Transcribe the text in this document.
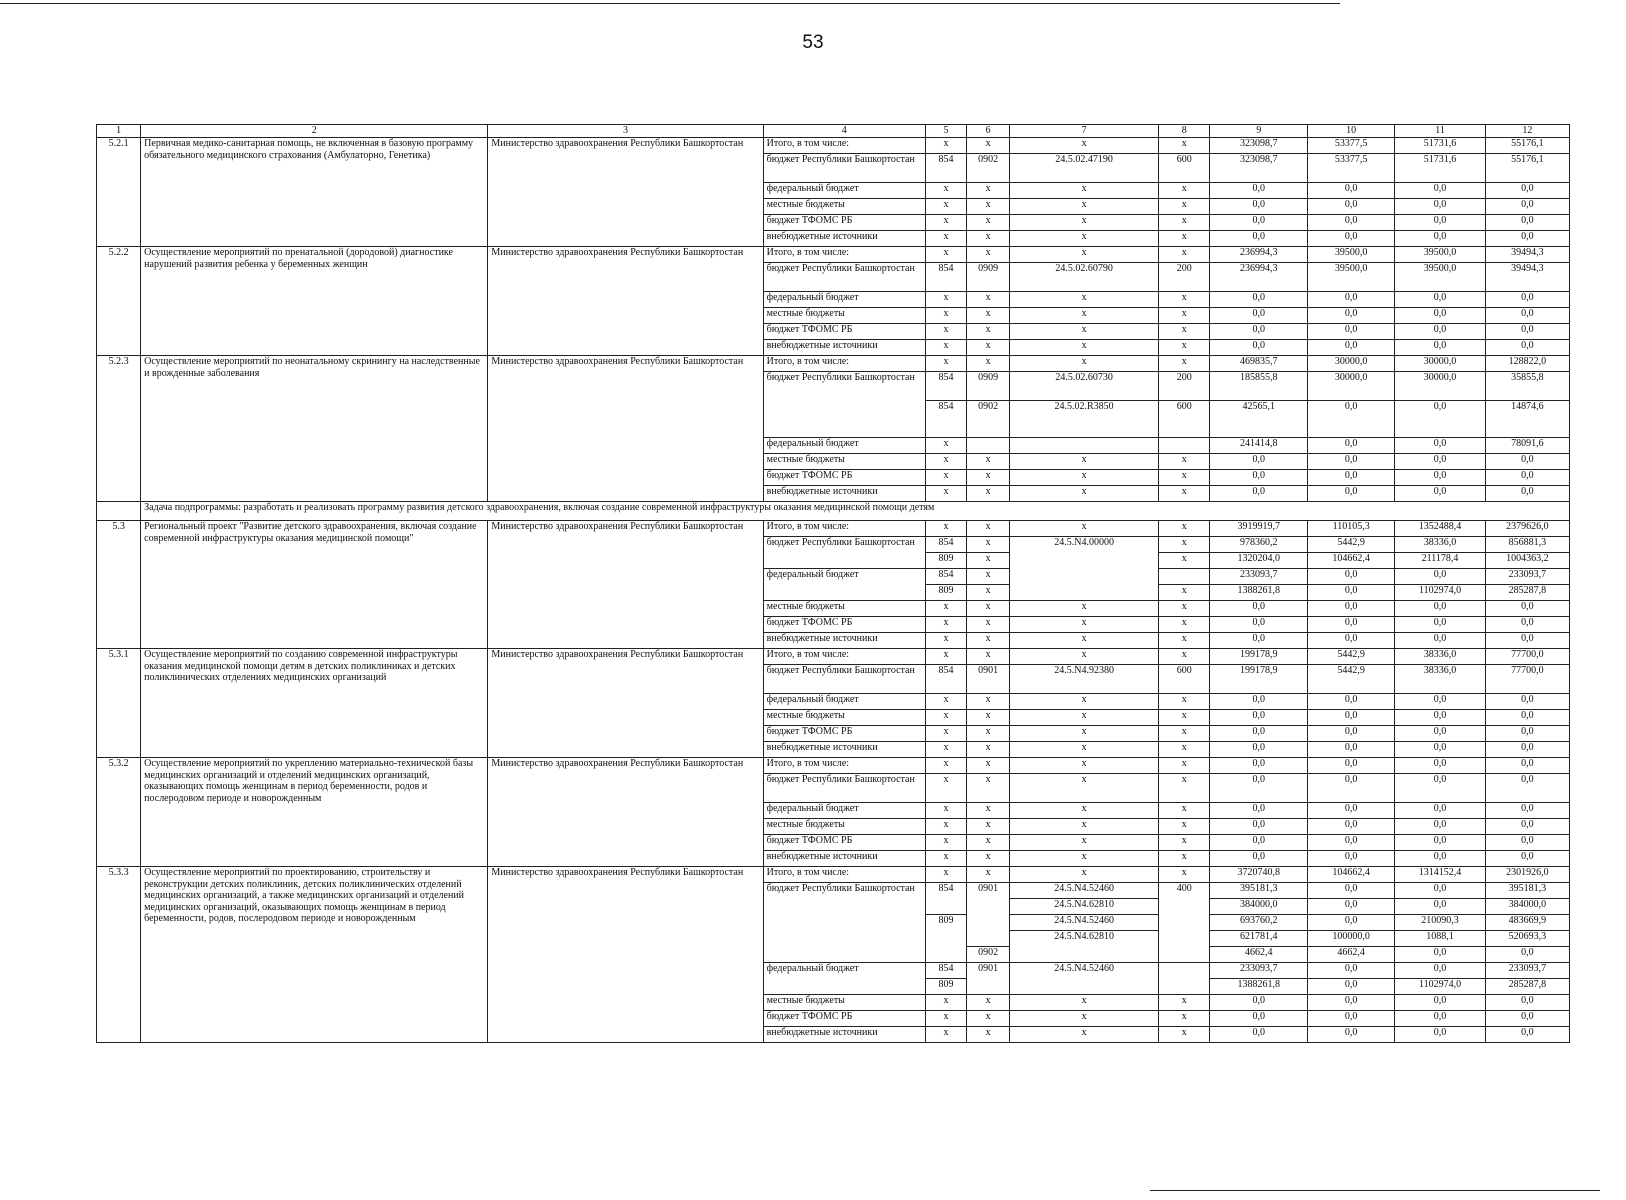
53
1	2	3	4	5	6	7	8	9	10	11	12
5.2.1	Первичная медико-санитарная помощь, не включенная в базовую программу обязательного медицинского страхования (Амбулаторно, Генетика)	Министерство здравоохранения Республики Башкортостан	Итого, в том числе:	x	x	x	x	323098,7	53377,5	51731,6	55176,1
			бюджет Республики Башкортостан	854	0902	24.5.02.47190	600	323098,7	53377,5	51731,6	55176,1
			федеральный бюджет	x	x	x	x	0,0	0,0	0,0	0,0
			местные бюджеты	x	x	x	x	0,0	0,0	0,0	0,0
			бюджет ТФОМС РБ	x	x	x	x	0,0	0,0	0,0	0,0
			внебюджетные источники	x	x	x	x	0,0	0,0	0,0	0,0
5.2.2	Осуществление мероприятий по пренатальной (дородовой) диагностике нарушений развития ребенка у беременных женщин	Министерство здравоохранения Республики Башкортостан	Итого, в том числе:	x	x	x	x	236994,3	39500,0	39500,0	39494,3
			бюджет Республики Башкортостан	854	0909	24.5.02.60790	200	236994,3	39500,0	39500,0	39494,3
			федеральный бюджет	x	x	x	x	0,0	0,0	0,0	0,0
			местные бюджеты	x	x	x	x	0,0	0,0	0,0	0,0
			бюджет ТФОМС РБ	x	x	x	x	0,0	0,0	0,0	0,0
			внебюджетные источники	x	x	x	x	0,0	0,0	0,0	0,0
5.2.3	Осуществление мероприятий по неонатальному скринингу на наследственные и врожденные заболевания	Министерство здравоохранения Республики Башкортостан	Итого, в том числе:	x	x	x	x	469835,7	30000,0	30000,0	128822,0
			бюджет Республики Башкортостан	854	0909	24.5.02.60730	200	185855,8	30000,0	30000,0	35855,8
				854	0902	24.5.02.R3850	600	42565,1	0,0	0,0	14874,6
			федеральный бюджет	x				241414,8	0,0	0,0	78091,6
			местные бюджеты	x	x	x	x	0,0	0,0	0,0	0,0
			бюджет ТФОМС РБ	x	x	x	x	0,0	0,0	0,0	0,0
			внебюджетные источники	x	x	x	x	0,0	0,0	0,0	0,0
	Задача подпрограммы: разработать и реализовать программу развития детского здравоохранения, включая создание современной инфраструктуры оказания медицинской помощи детям										
5.3	Региональный проект "Развитие детского здравоохранения, включая создание современной инфраструктуры оказания медицинской помощи"	Министерство здравоохранения Республики Башкортостан	Итого, в том числе:	x	x	x	x	3919919,7	110105,3	1352488,4	2379626,0
			бюджет Республики Башкортостан	854	x	24.5.N4.00000	x	978360,2	5442,9	38336,0	856881,3
				809	x		x	1320204,0	104662,4	211178,4	1004363,2
			федеральный бюджет	854	x			233093,7	0,0	0,0	233093,7
				809	x		x	1388261,8	0,0	1102974,0	285287,8
			местные бюджеты	x	x	x	x	0,0	0,0	0,0	0,0
			бюджет ТФОМС РБ	x	x	x	x	0,0	0,0	0,0	0,0
			внебюджетные источники	x	x	x	x	0,0	0,0	0,0	0,0
5.3.1	Осуществление мероприятий по созданию современной инфраструктуры оказания медицинской помощи детям в детских поликлиниках и детских поликлинических отделениях медицинских организаций	Министерство здравоохранения Республики Башкортостан	Итого, в том числе:	x	x	x	x	199178,9	5442,9	38336,0	77700,0
			бюджет Республики Башкортостан	854	0901	24.5.N4.92380	600	199178,9	5442,9	38336,0	77700,0
			федеральный бюджет	x	x	x	x	0,0	0,0	0,0	0,0
			местные бюджеты	x	x	x	x	0,0	0,0	0,0	0,0
			бюджет ТФОМС РБ	x	x	x	x	0,0	0,0	0,0	0,0
			внебюджетные источники	x	x	x	x	0,0	0,0	0,0	0,0
5.3.2	Осуществление мероприятий по укреплению материально-технической базы медицинских организаций и отделений медицинских организаций, оказывающих помощь женщинам в период беременности, родов и послеродовом периоде и новорожденным	Министерство здравоохранения Республики Башкортостан	Итого, в том числе:	x	x	x	x	0,0	0,0	0,0	0,0
			бюджет Республики Башкортостан	x	x	x	x	0,0	0,0	0,0	0,0
			федеральный бюджет	x	x	x	x	0,0	0,0	0,0	0,0
			местные бюджеты	x	x	x	x	0,0	0,0	0,0	0,0
			бюджет ТФОМС РБ	x	x	x	x	0,0	0,0	0,0	0,0
			внебюджетные источники	x	x	x	x	0,0	0,0	0,0	0,0
5.3.3	Осуществление мероприятий по проектированию, строительству и реконструкции детских поликлиник, детских поликлинических отделений медицинских организаций, а также медицинских организаций и отделений медицинских организаций, оказывающих помощь женщинам в период беременности, родов, послеродовом периоде и новорожденным	Министерство здравоохранения Республики Башкортостан	Итого, в том числе:	x	x	x	x	3720740,8	104662,4	1314152,4	2301926,0
			бюджет Республики Башкортостан	854	0901	24.5.N4.52460	400	395181,3	0,0	0,0	395181,3
						24.5.N4.62810		384000,0	0,0	0,0	384000,0
				809		24.5.N4.52460		693760,2	0,0	210090,3	483669,9
						24.5.N4.62810		621781,4	100000,0	1088,1	520693,3
					0902			4662,4	4662,4	0,0	0,0
			федеральный бюджет	854	0901	24.5.N4.52460		233093,7	0,0	0,0	233093,7
				809				1388261,8	0,0	1102974,0	285287,8
			местные бюджеты	x	x	x	x	0,0	0,0	0,0	0,0
			бюджет ТФОМС РБ	x	x	x	x	0,0	0,0	0,0	0,0
			внебюджетные источники	x	x	x	x	0,0	0,0	0,0	0,0
